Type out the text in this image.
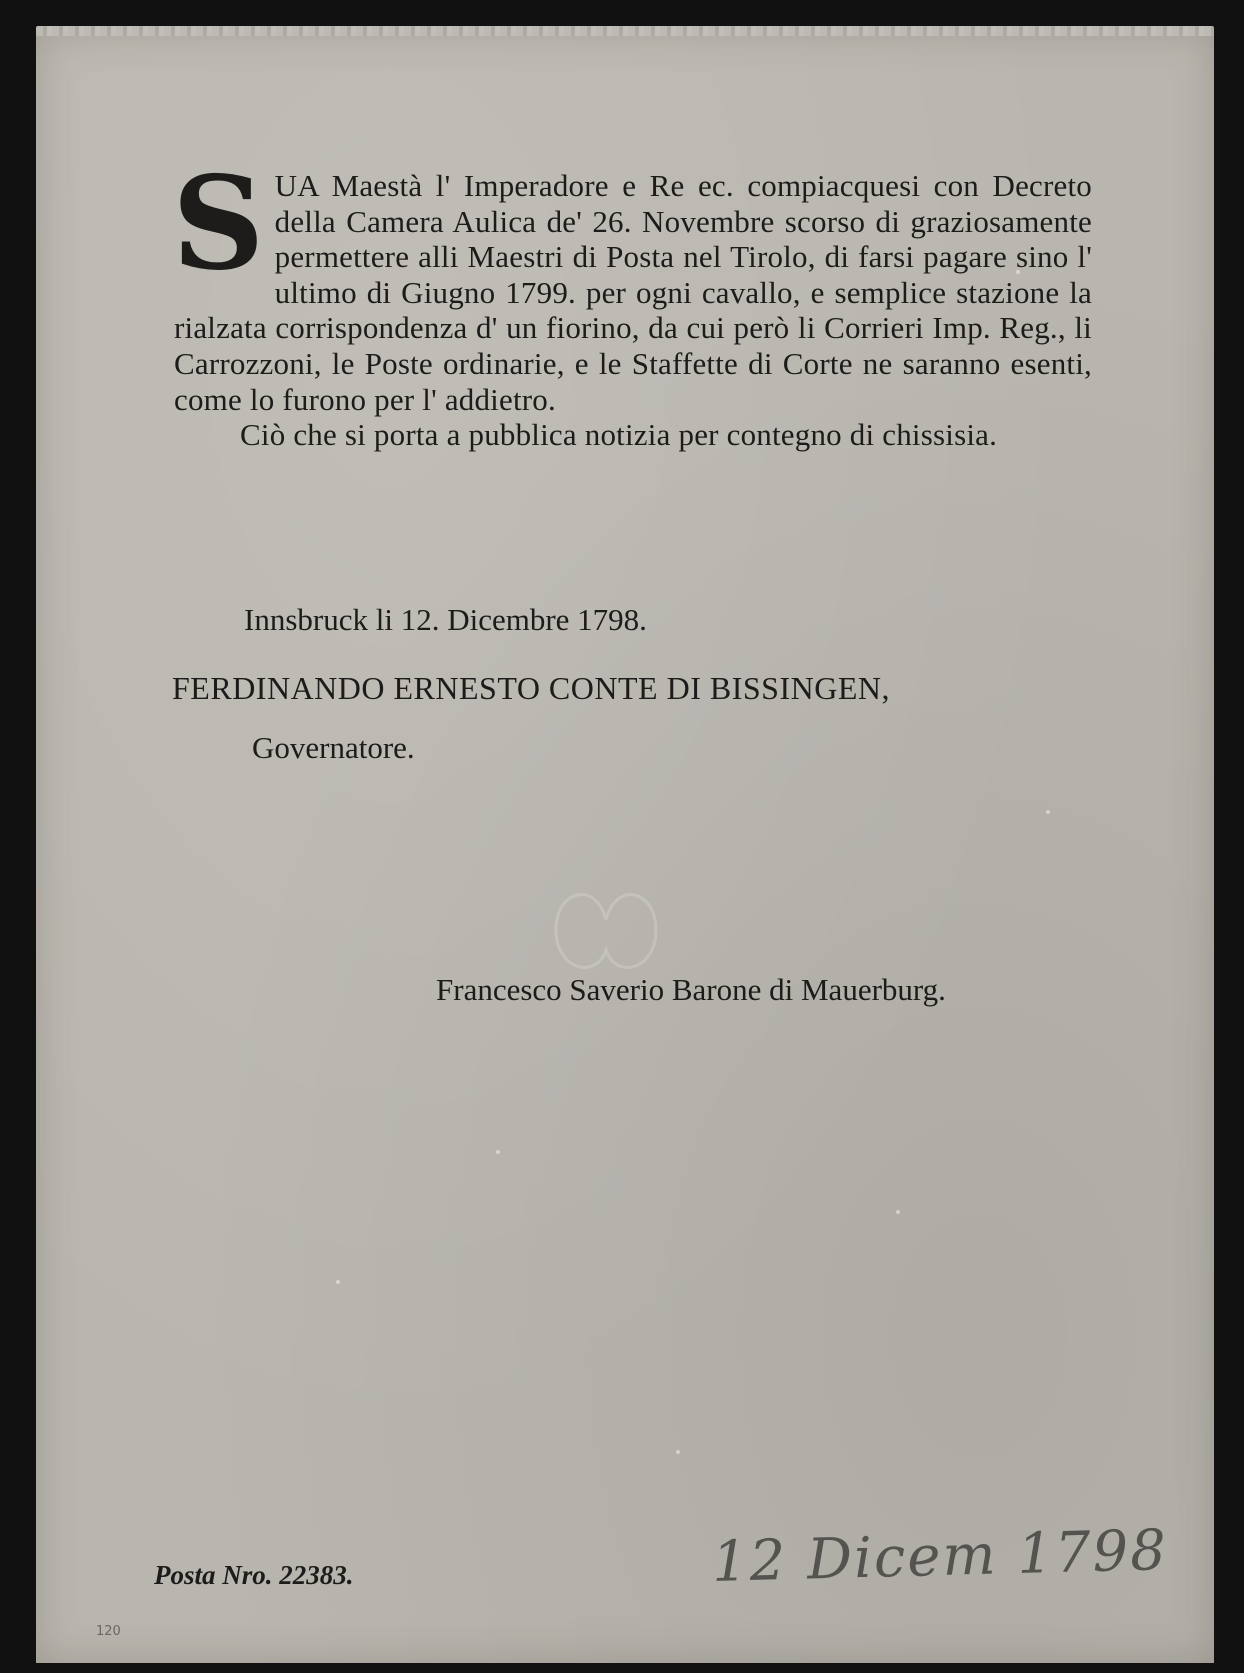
SUA Maestà l' Imperadore e Re ec. compiacquesi con Decreto della Camera Aulica de' 26. Novembre scorso di graziosamente permettere alli Maestri di Posta nel Tirolo, di farsi pagare sino l' ultimo di Giugno 1799. per ogni cavallo, e semplice stazione la rialzata corrispondenza d' un fiorino, da cui però li Corrieri Imp. Reg., li Carrozzoni, le Poste ordinarie, e le Staffette di Corte ne saranno esenti, come lo furono per l' addietro.

Ciò che si porta a pubblica notizia per contegno di chissisia.

Innsbruck li 12. Dicembre 1798.
FERDINANDO ERNESTO CONTE DI BISSINGEN,
Governatore.
Francesco Saverio Barone di Mauerburg.
Posta Nro. 22383.	12 Dicem 1798
120
